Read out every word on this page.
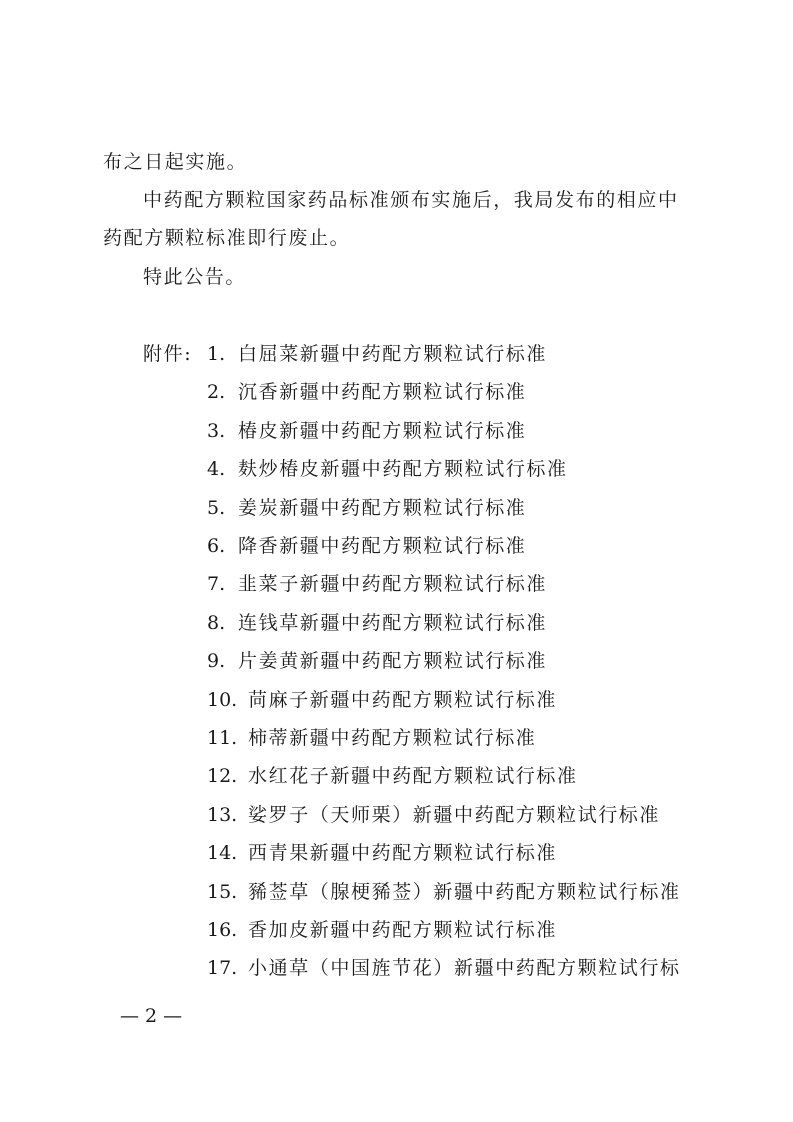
布之日起实施。
中药配方颗粒国家药品标准颁布实施后，我局发布的相应中
药配方颗粒标准即行废止。
特此公告。
附件: 1. 白屈菜新疆中药配方颗粒试行标准
2. 沉香新疆中药配方颗粒试行标准
3. 椿皮新疆中药配方颗粒试行标准
4. 麸炒椿皮新疆中药配方颗粒试行标准
5. 姜炭新疆中药配方颗粒试行标准
6. 降香新疆中药配方颗粒试行标准
7. 韭菜子新疆中药配方颗粒试行标准
8. 连钱草新疆中药配方颗粒试行标准
9. 片姜黄新疆中药配方颗粒试行标准
10. 苘麻子新疆中药配方颗粒试行标准
11. 柿蒂新疆中药配方颗粒试行标准
12. 水红花子新疆中药配方颗粒试行标准
13. 娑罗子（天师栗）新疆中药配方颗粒试行标准
14. 西青果新疆中药配方颗粒试行标准
15. 豨莶草（腺梗豨莶）新疆中药配方颗粒试行标准
16. 香加皮新疆中药配方颗粒试行标准
17. 小通草（中国旌节花）新疆中药配方颗粒试行标
— 2 —
